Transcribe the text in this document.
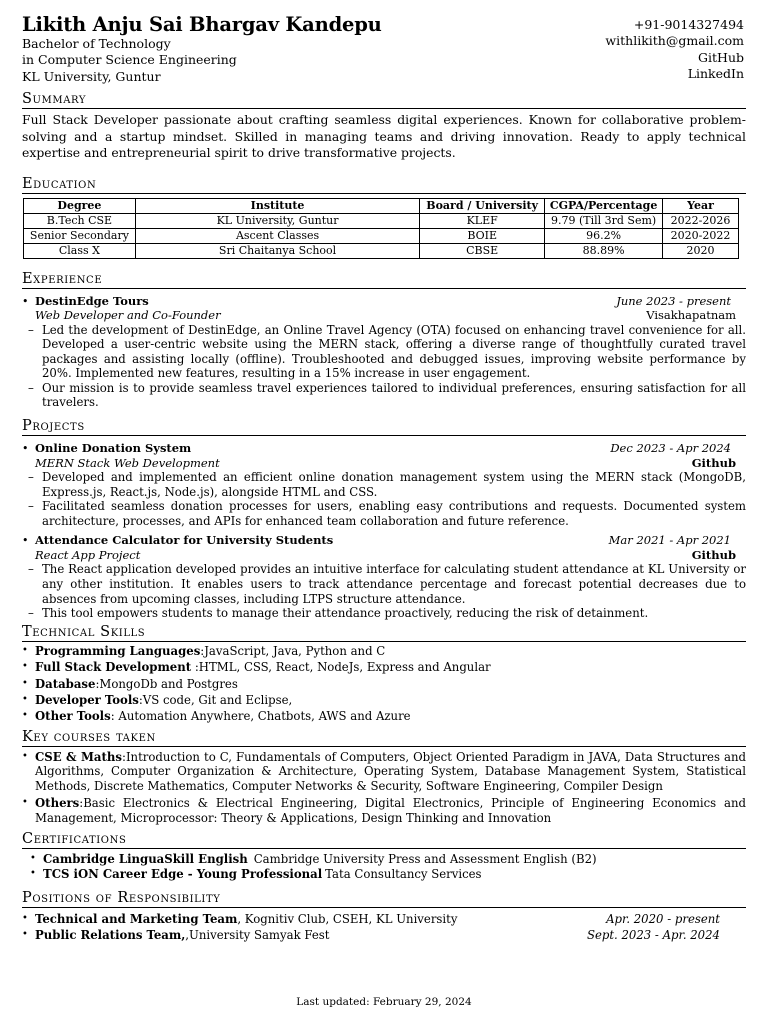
Likith Anju Sai Bhargav Kandepu
Bachelor of Technology
in Computer Science Engineering
KL University, Guntur
+91-9014327494
withlikith@gmail.com
GitHub
LinkedIn
Summary

Full Stack Developer passionate about crafting seamless digital experiences. Known for collaborative problem-solving and a startup mindset. Skilled in managing teams and driving innovation. Ready to apply technical expertise and entrepreneurial spirit to drive transformative projects.

Education
Degree	Institute	Board / University	CGPA/Percentage	Year
B.Tech CSE	KL University, Guntur	KLEF	9.79 (Till 3rd Sem)	2022-2026
Senior Secondary	Ascent Classes	BOIE	96.2%	2020-2022
Class X	Sri Chaitanya School	CBSE	88.89%	2020
Experience
• DestinEdge Tours	June 2023 - present
Web Developer and Co-Founder	Visakhapatnam
– Led the development of DestinEdge, an Online Travel Agency (OTA) focused on enhancing travel convenience for all. Developed a user-centric website using the MERN stack, offering a diverse range of thoughtfully curated travel packages and assisting locally (offline). Troubleshooted and debugged issues, improving website performance by 20%. Implemented new features, resulting in a 15% increase in user engagement.
– Our mission is to provide seamless travel experiences tailored to individual preferences, ensuring satisfaction for all travelers.
Projects
• Online Donation System	Dec 2023 - Apr 2024
MERN Stack Web Development	Github
– Developed and implemented an efficient online donation management system using the MERN stack (MongoDB, Express.js, React.js, Node.js), alongside HTML and CSS.
– Facilitated seamless donation processes for users, enabling easy contributions and requests. Documented system architecture, processes, and APIs for enhanced team collaboration and future reference.
• Attendance Calculator for University Students	Mar 2021 - Apr 2021
React App Project	Github
– The React application developed provides an intuitive interface for calculating student attendance at KL University or any other institution. It enables users to track attendance percentage and forecast potential decreases due to absences from upcoming classes, including LTPS structure attendance.
– This tool empowers students to manage their attendance proactively, reducing the risk of detainment.
Technical Skills
• Programming Languages:JavaScript, Java, Python and C
• Full Stack Development :HTML, CSS, React, NodeJs, Express and Angular
• Database:MongoDb and Postgres
• Developer Tools:VS code, Git and Eclipse,
• Other Tools: Automation Anywhere, Chatbots, AWS and Azure
Key courses taken
• CSE & Maths:Introduction to C, Fundamentals of Computers, Object Oriented Paradigm in JAVA, Data Structures and Algorithms, Computer Organization & Architecture, Operating System, Database Management System, Statistical Methods, Discrete Mathematics, Computer Networks & Security, Software Engineering, Compiler Design
• Others:Basic Electronics & Electrical Engineering, Digital Electronics, Principle of Engineering Economics and Management, Microprocessor: Theory & Applications, Design Thinking and Innovation
Certifications
• Cambridge LinguaSkill English Cambridge University Press and Assessment English (B2)
• TCS iON Career Edge - Young Professional Tata Consultancy Services
Positions of Responsibility
• Technical and Marketing Team, Kognitiv Club, CSEH, KL University	Apr. 2020 - present
• Public Relations Team,,University Samyak Fest	Sept. 2023 - Apr. 2024
Last updated: February 29, 2024
